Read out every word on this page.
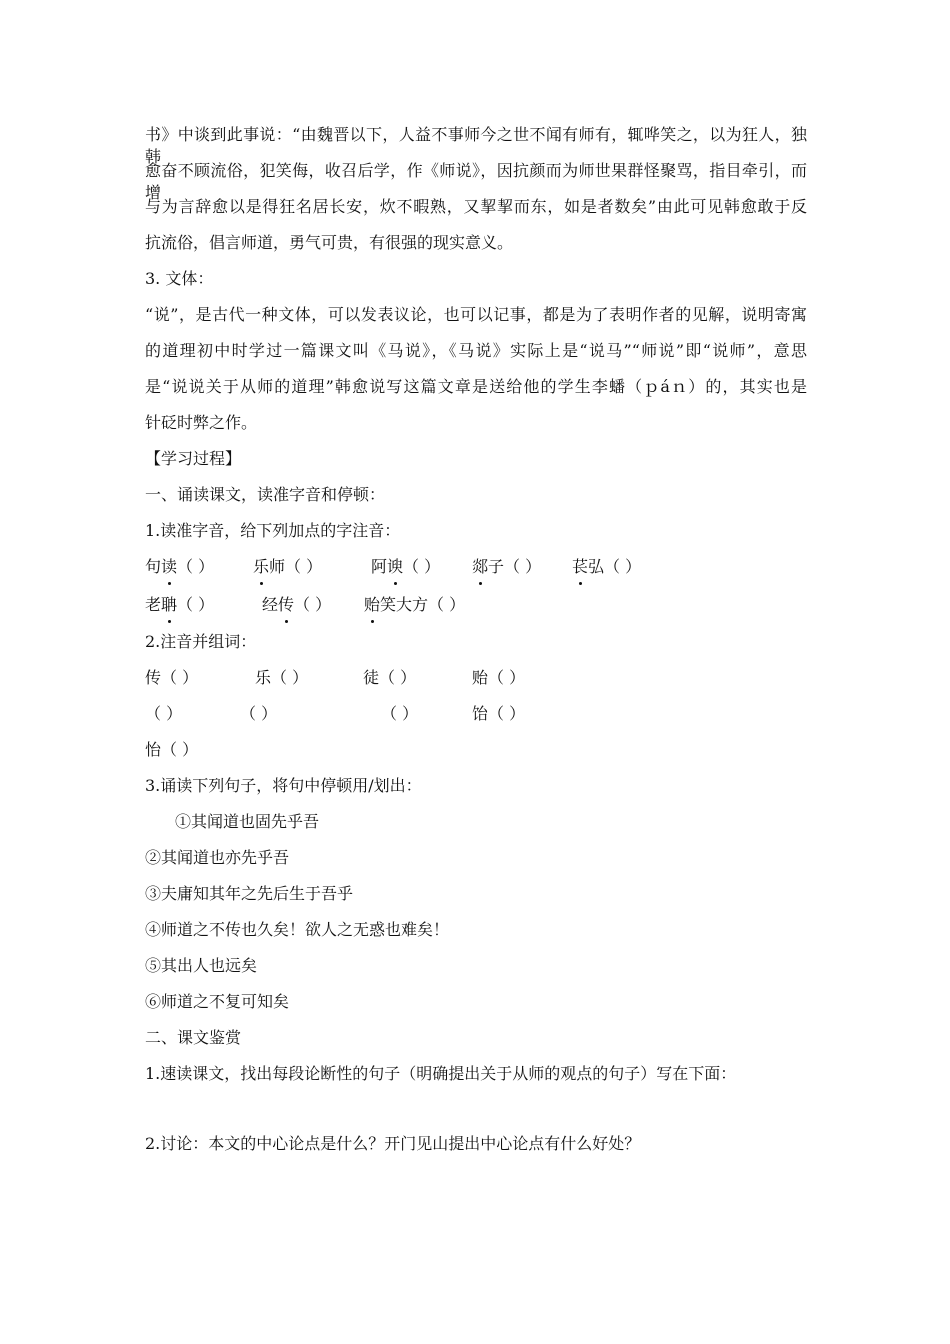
书》中谈到此事说：“由魏晋以下，人益不事师今之世不闻有师有，辄哗笑之，以为狂人，独韩
愈奋不顾流俗，犯笑侮，收召后学，作《师说》，因抗颜而为师世果群怪聚骂，指目牵引，而增
与为言辞愈以是得狂名居长安，炊不暇熟，又挈挈而东，如是者数矣”由此可见韩愈敢于反
抗流俗，倡言师道，勇气可贵，有很强的现实意义。
3. 文体：
“说”，是古代一种文体，可以发表议论，也可以记事，都是为了表明作者的见解，说明寄寓
的道理初中时学过一篇课文叫《马说》，《马说》实际上是“说马”“师说”即“说师”，意思
是“说说关于从师的道理”韩愈说写这篇文章是送给他的学生李蟠（ｐáｎ）的，其实也是
针砭时弊之作。
【学习过程】
一、诵读课文，读准字音和停顿：
1.读准字音，给下列加点的字注音：
句读（ ） 乐师（ ）	阿谀（ ） 郯子（ ） 苌弘（ ）
老聃（ ）	经传（ ） 贻笑大方（ ）
2.注音并组词：
传（ ）	乐（ ）	徒（ ）	贻（ ）
（ ）	（ ）	（ ）	饴（ ）
怡（ ）
3.诵读下列句子，将句中停顿用/划出：
①其闻道也固先乎吾
②其闻道也亦先乎吾
③夫庸知其年之先后生于吾乎
④师道之不传也久矣！欲人之无惑也难矣！
⑤其出人也远矣
⑥师道之不复可知矣
二、课文鉴赏
1.速读课文，找出每段论断性的句子（明确提出关于从师的观点的句子）写在下面：
2.讨论：本文的中心论点是什么？开门见山提出中心论点有什么好处？
